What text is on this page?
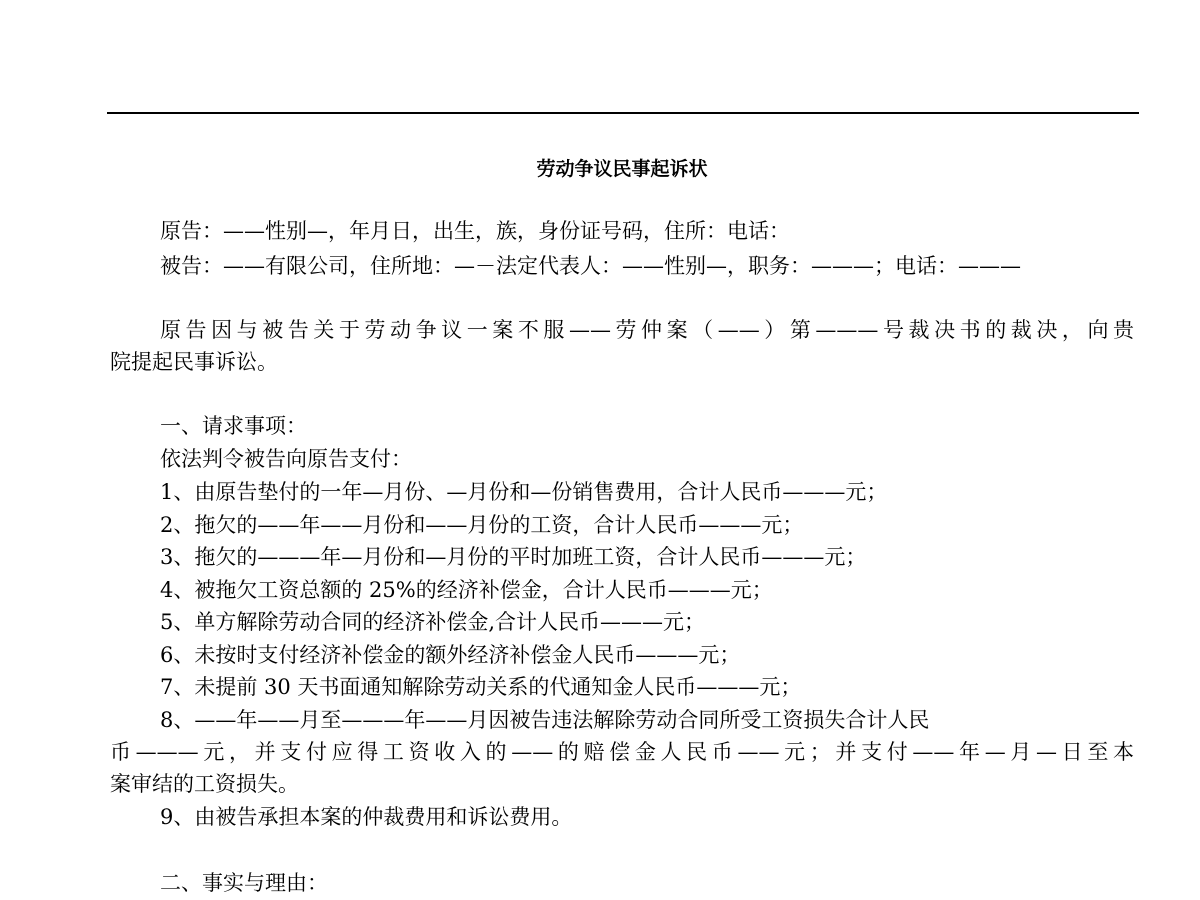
劳动争议民事起诉状
原告：——性别—，年月日，出生，族，身份证号码，住所：电话：
被告：——有限公司，住所地：—－法定代表人：——性别—，职务：———；电话：———
原告因与被告关于劳动争议一案不服——劳仲案（——）第———号裁决书的裁决，向贵
院提起民事诉讼。
一、请求事项：
依法判令被告向原告支付：
1、由原告垫付的一年—月份、—月份和—份销售费用，合计人民币———元；
2、拖欠的——年——月份和——月份的工资，合计人民币———元；
3、拖欠的———年—月份和—月份的平时加班工资，合计人民币———元；
4、被拖欠工资总额的 25%的经济补偿金，合计人民币———元；
5、单方解除劳动合同的经济补偿金,合计人民币———元；
6、未按时支付经济补偿金的额外经济补偿金人民币———元；
7、未提前 30 天书面通知解除劳动关系的代通知金人民币———元；
8、——年——月至———年——月因被告违法解除劳动合同所受工资损失合计人民
币———元，并支付应得工资收入的——的赔偿金人民币——元；并支付——年—月—日至本
案审结的工资损失。
9、由被告承担本案的仲裁费用和诉讼费用。
二、事实与理由：
